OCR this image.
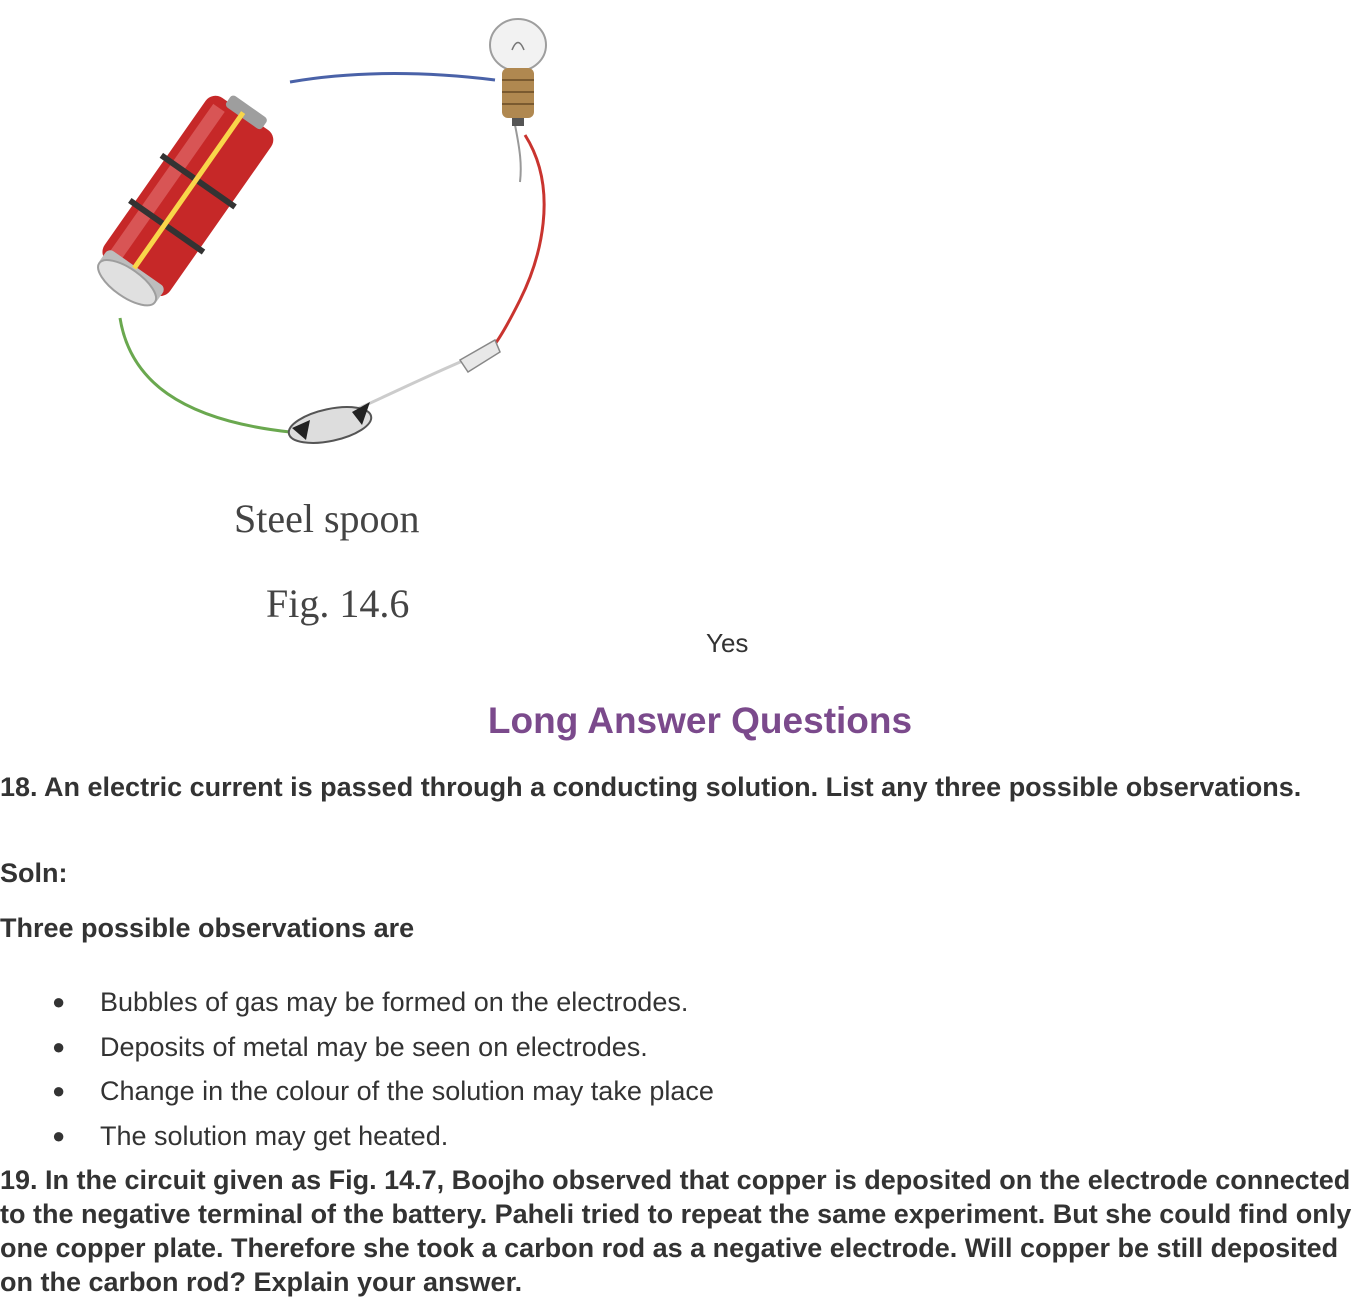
Steel spoon
Fig. 14.6
Yes
Long Answer Questions
18. An electric current is passed through a conducting solution. List any three possible observations.
Soln:
Three possible observations are
● Bubbles of gas may be formed on the electrodes.
● Deposits of metal may be seen on electrodes.
● Change in the colour of the solution may take place
● The solution may get heated.
19. In the circuit given as Fig. 14.7, Boojho observed that copper is deposited on the electrode connected to the negative terminal of the battery. Paheli tried to repeat the same experiment. But she could find only one copper plate. Therefore she took a carbon rod as a negative electrode. Will copper be still deposited on the carbon rod? Explain your answer.
